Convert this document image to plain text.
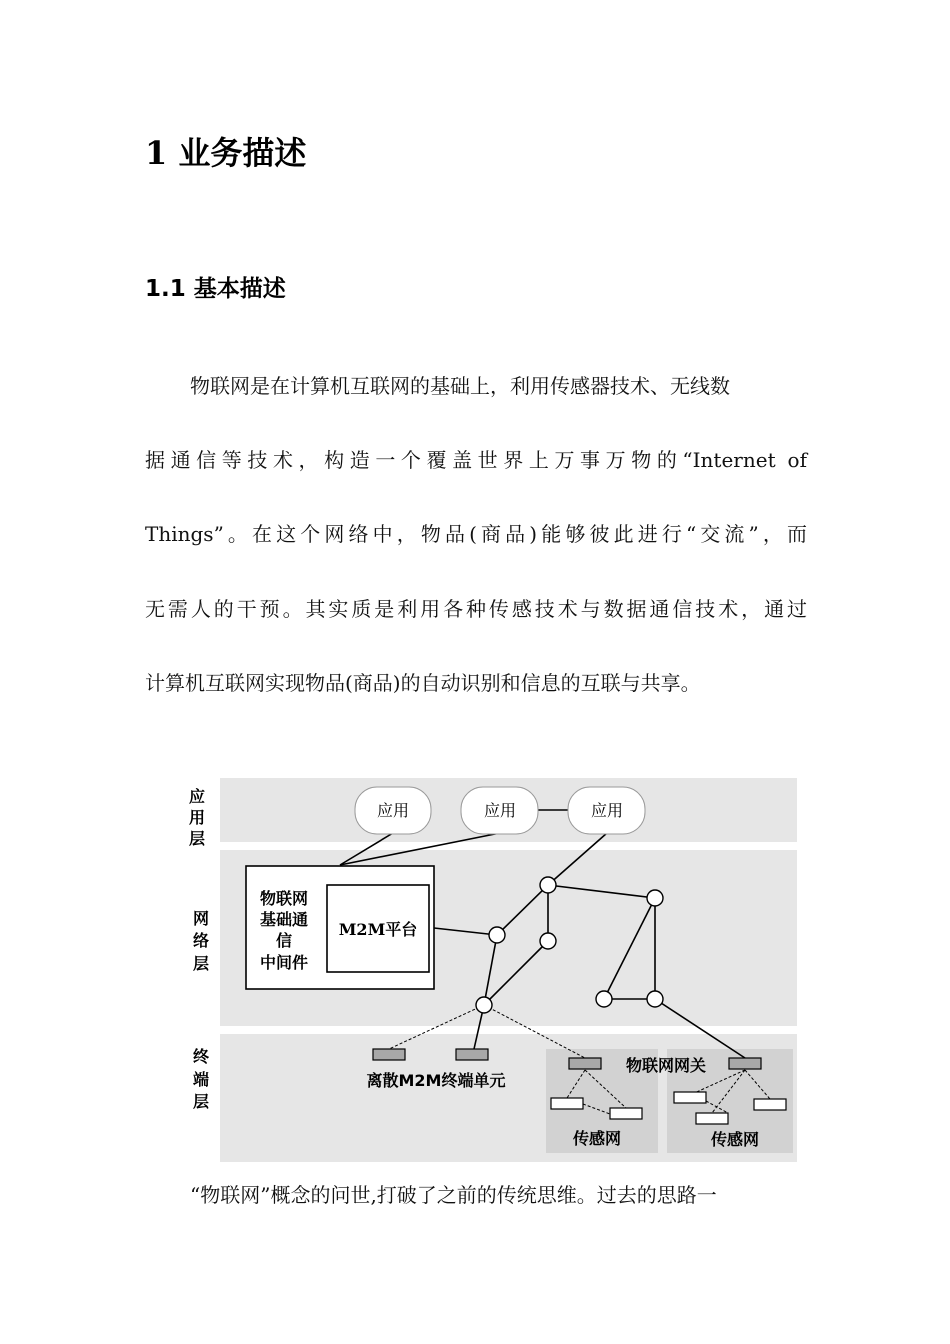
1 业务描述
1.1 基本描述
物联网是在计算机互联网的基础上，利用传感器技术、无线数
据通信等技术，构造一个覆盖世界上万事万物的“Internet of
Things”。在这个网络中，物品(商品)能够彼此进行“交流”，而
无需人的干预。其实质是利用各种传感技术与数据通信技术，通过
计算机互联网实现物品(商品)的自动识别和信息的互联与共享。
应
用
层
网
络
层
终
端
层
应用	应用	应用
物联网
基础通
信
中间件
M2M平台
离散M2M终端单元
物联网网关
传感网	传感网
“物联网”概念的问世,打破了之前的传统思维。过去的思路一
